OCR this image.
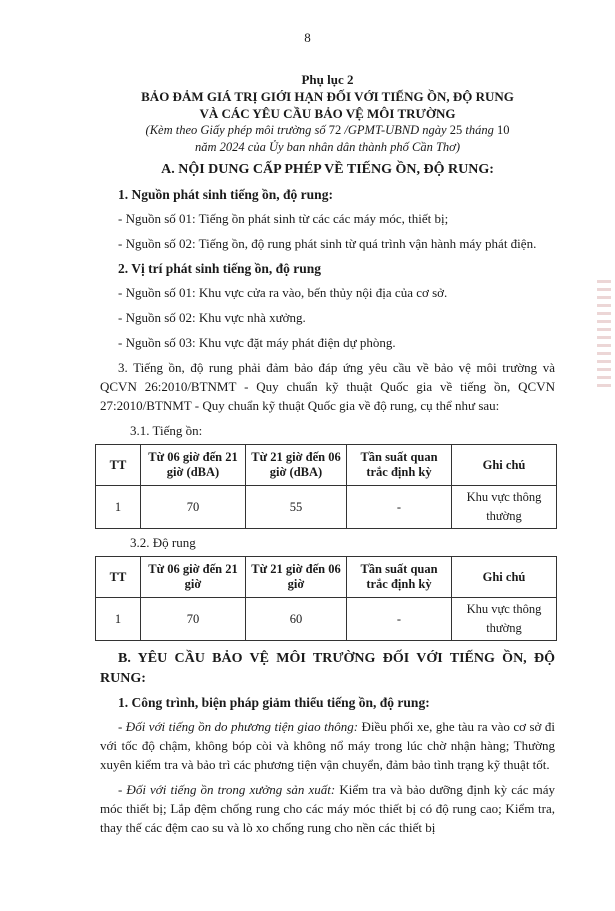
8
Phụ lục 2
BẢO ĐẢM GIÁ TRỊ GIỚI HẠN ĐỐI VỚI TIẾNG ỒN, ĐỘ RUNG
VÀ CÁC YÊU CẦU BẢO VỆ MÔI TRƯỜNG
(Kèm theo Giấy phép môi trường số 72 /GPMT-UBND ngày 25 tháng 10
năm 2024 của Ủy ban nhân dân thành phố Cần Thơ)
A. NỘI DUNG CẤP PHÉP VỀ TIẾNG ỒN, ĐỘ RUNG:
1. Nguồn phát sinh tiếng ồn, độ rung:

- Nguồn số 01: Tiếng ồn phát sinh từ các các máy móc, thiết bị;

- Nguồn số 02: Tiếng ồn, độ rung phát sinh từ quá trình vận hành máy phát điện.

2. Vị trí phát sinh tiếng ồn, độ rung

- Nguồn số 01: Khu vực cửa ra vào, bến thủy nội địa của cơ sở.

- Nguồn số 02: Khu vực nhà xưởng.

- Nguồn số 03: Khu vực đặt máy phát điện dự phòng.

3. Tiếng ồn, độ rung phải đảm bảo đáp ứng yêu cầu về bảo vệ môi trường và QCVN 26:2010/BTNMT - Quy chuẩn kỹ thuật Quốc gia về tiếng ồn, QCVN 27:2010/BTNMT - Quy chuẩn kỹ thuật Quốc gia về độ rung, cụ thể như sau:

3.1. Tiếng ồn:
TT	Từ 06 giờ đến 21 giờ (dBA)	Từ 21 giờ đến 06 giờ (dBA)	Tần suất quan trắc định kỳ	Ghi chú
1	70	55	-	Khu vực thông thường
3.2. Độ rung
TT	Từ 06 giờ đến 21 giờ	Từ 21 giờ đến 06 giờ	Tần suất quan trắc định kỳ	Ghi chú
1	70	60	-	Khu vực thông thường
B. YÊU CẦU BẢO VỆ MÔI TRƯỜNG ĐỐI VỚI TIẾNG ỒN, ĐỘ RUNG:
1. Công trình, biện pháp giảm thiểu tiếng ồn, độ rung:

- Đối với tiếng ồn do phương tiện giao thông: Điều phối xe, ghe tàu ra vào cơ sở đi với tốc độ chậm, không bóp còi và không nổ máy trong lúc chờ nhận hàng; Thường xuyên kiểm tra và bảo trì các phương tiện vận chuyển, đảm bảo tình trạng kỹ thuật tốt.

- Đối với tiếng ồn trong xưởng sản xuất: Kiểm tra và bảo dưỡng định kỳ các máy móc thiết bị; Lắp đệm chống rung cho các máy móc thiết bị có độ rung cao; Kiểm tra, thay thế các đệm cao su và lò xo chống rung cho nền các thiết bị
